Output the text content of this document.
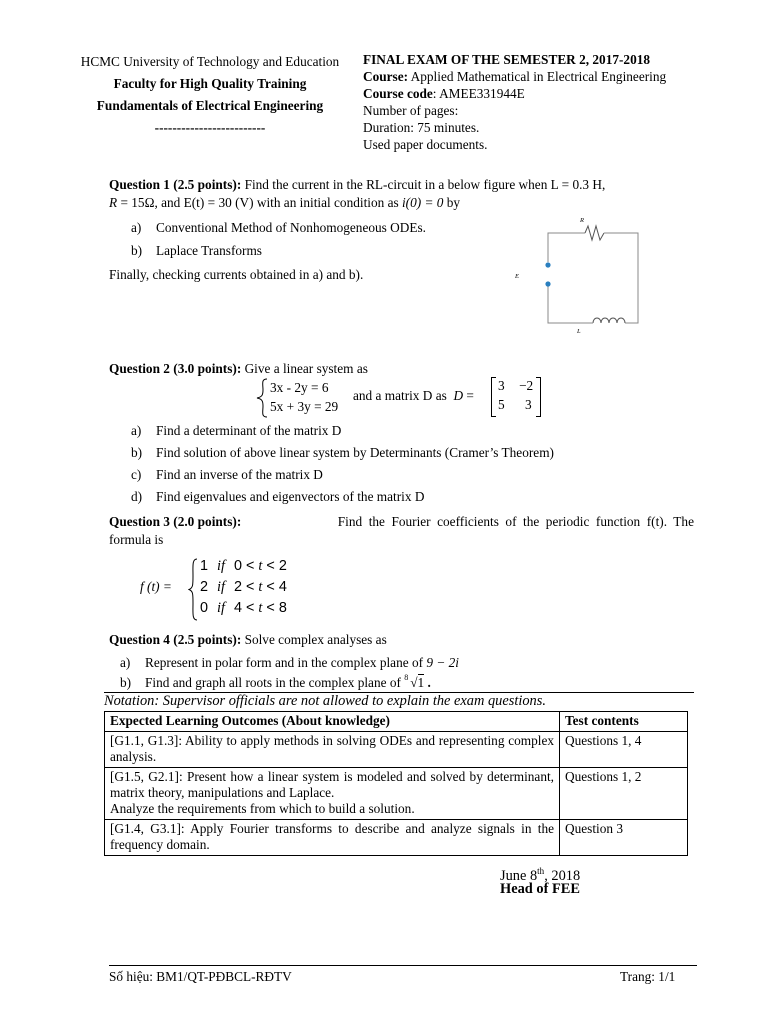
HCMC University of Technology and Education
Faculty for High Quality Training
Fundamentals of Electrical Engineering
-------------------------
FINAL EXAM OF THE SEMESTER 2, 2017-2018
Course: Applied Mathematical in Electrical Engineering
Course code: AMEE331944E
Number of pages:
Duration: 75 minutes.
Used paper documents.
Question 1 (2.5 points): Find the current in the RL-circuit in a below figure when L = 0.3 H,
R = 15Ω, and E(t) = 30 (V) with an initial condition as i(0) = 0 by
a) Conventional Method of Nonhomogeneous ODEs.
b) Laplace Transforms
Finally, checking currents obtained in a) and b).
R
E
L
Question 2 (3.0 points): Give a linear system as
3x - 2y = 6
5x + 3y = 29
and a matrix D as D =
3 −2
5 3
a) Find a determinant of the matrix D
b) Find solution of above linear system by Determinants (Cramer’s Theorem)
c) Find an inverse of the matrix D
d) Find eigenvalues and eigenvectors of the matrix D
Question 3 (2.0 points):	Find the Fourier coefficients of the periodic function f(t). The
formula is
f (t) =
1 if 0 < t < 2
2 if 2 < t < 4
0 if 4 < t < 8
Question 4 (2.5 points): Solve complex analyses as
a) Represent in polar form and in the complex plane of 9 − 2i
b) Find and graph all roots in the complex plane of 8 √1 .
Notation: Supervisor officials are not allowed to explain the exam questions.
Expected Learning Outcomes (About knowledge)	Test contents
[G1.1, G1.3]: Ability to apply methods in solving ODEs and representing complex analysis.	Questions 1, 4

[G1.5, G2.1]: Present how a linear system is modeled and solved by determinant, matrix theory, manipulations and Laplace.
Analyze the requirements from which to build a solution.	Questions 1, 2
[G1.4, G3.1]: Apply Fourier transforms to describe and analyze signals in the frequency domain.	Question 3
June 8th, 2018
Head of FEE
Số hiệu: BM1/QT-PĐBCL-RĐTV	Trang: 1/1
